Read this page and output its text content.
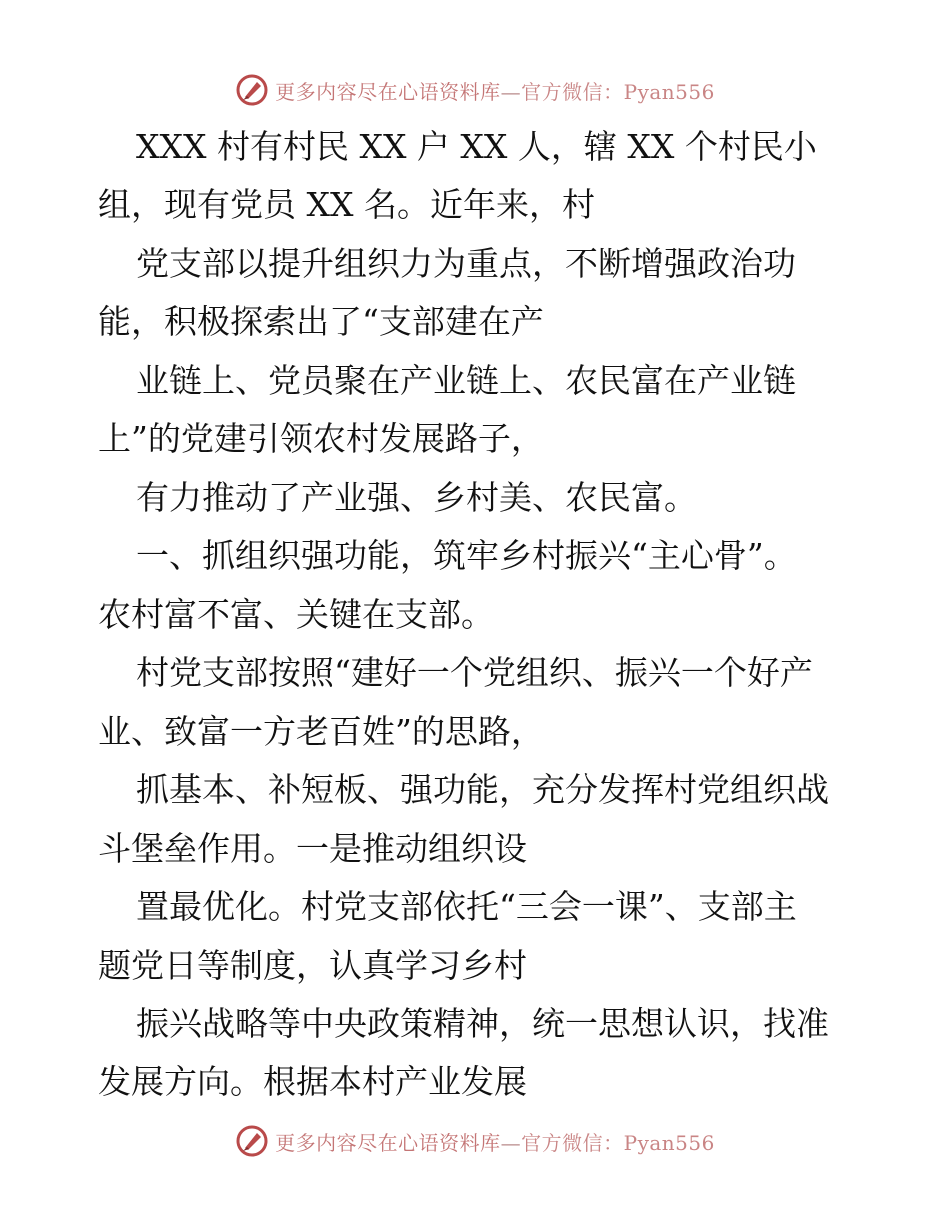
更多内容尽在心语资料库—官方微信：Pyan556
XXX 村有村民 XX 户 XX 人，辖 XX 个村民小
组，现有党员 XX 名。近年来，村
党支部以提升组织力为重点，不断增强政治功
能，积极探索出了“支部建在产
业链上、党员聚在产业链上、农民富在产业链
上”的党建引领农村发展路子，
有力推动了产业强、乡村美、农民富。
一、抓组织强功能，筑牢乡村振兴“主心骨”。
农村富不富、关键在支部。
村党支部按照“建好一个党组织、振兴一个好产
业、致富一方老百姓”的思路，
抓基本、补短板、强功能，充分发挥村党组织战
斗堡垒作用。一是推动组织设
置最优化。村党支部依托“三会一课”、支部主
题党日等制度，认真学习乡村
振兴战略等中央政策精神，统一思想认识，找准
发展方向。根据本村产业发展
更多内容尽在心语资料库—官方微信：Pyan556
